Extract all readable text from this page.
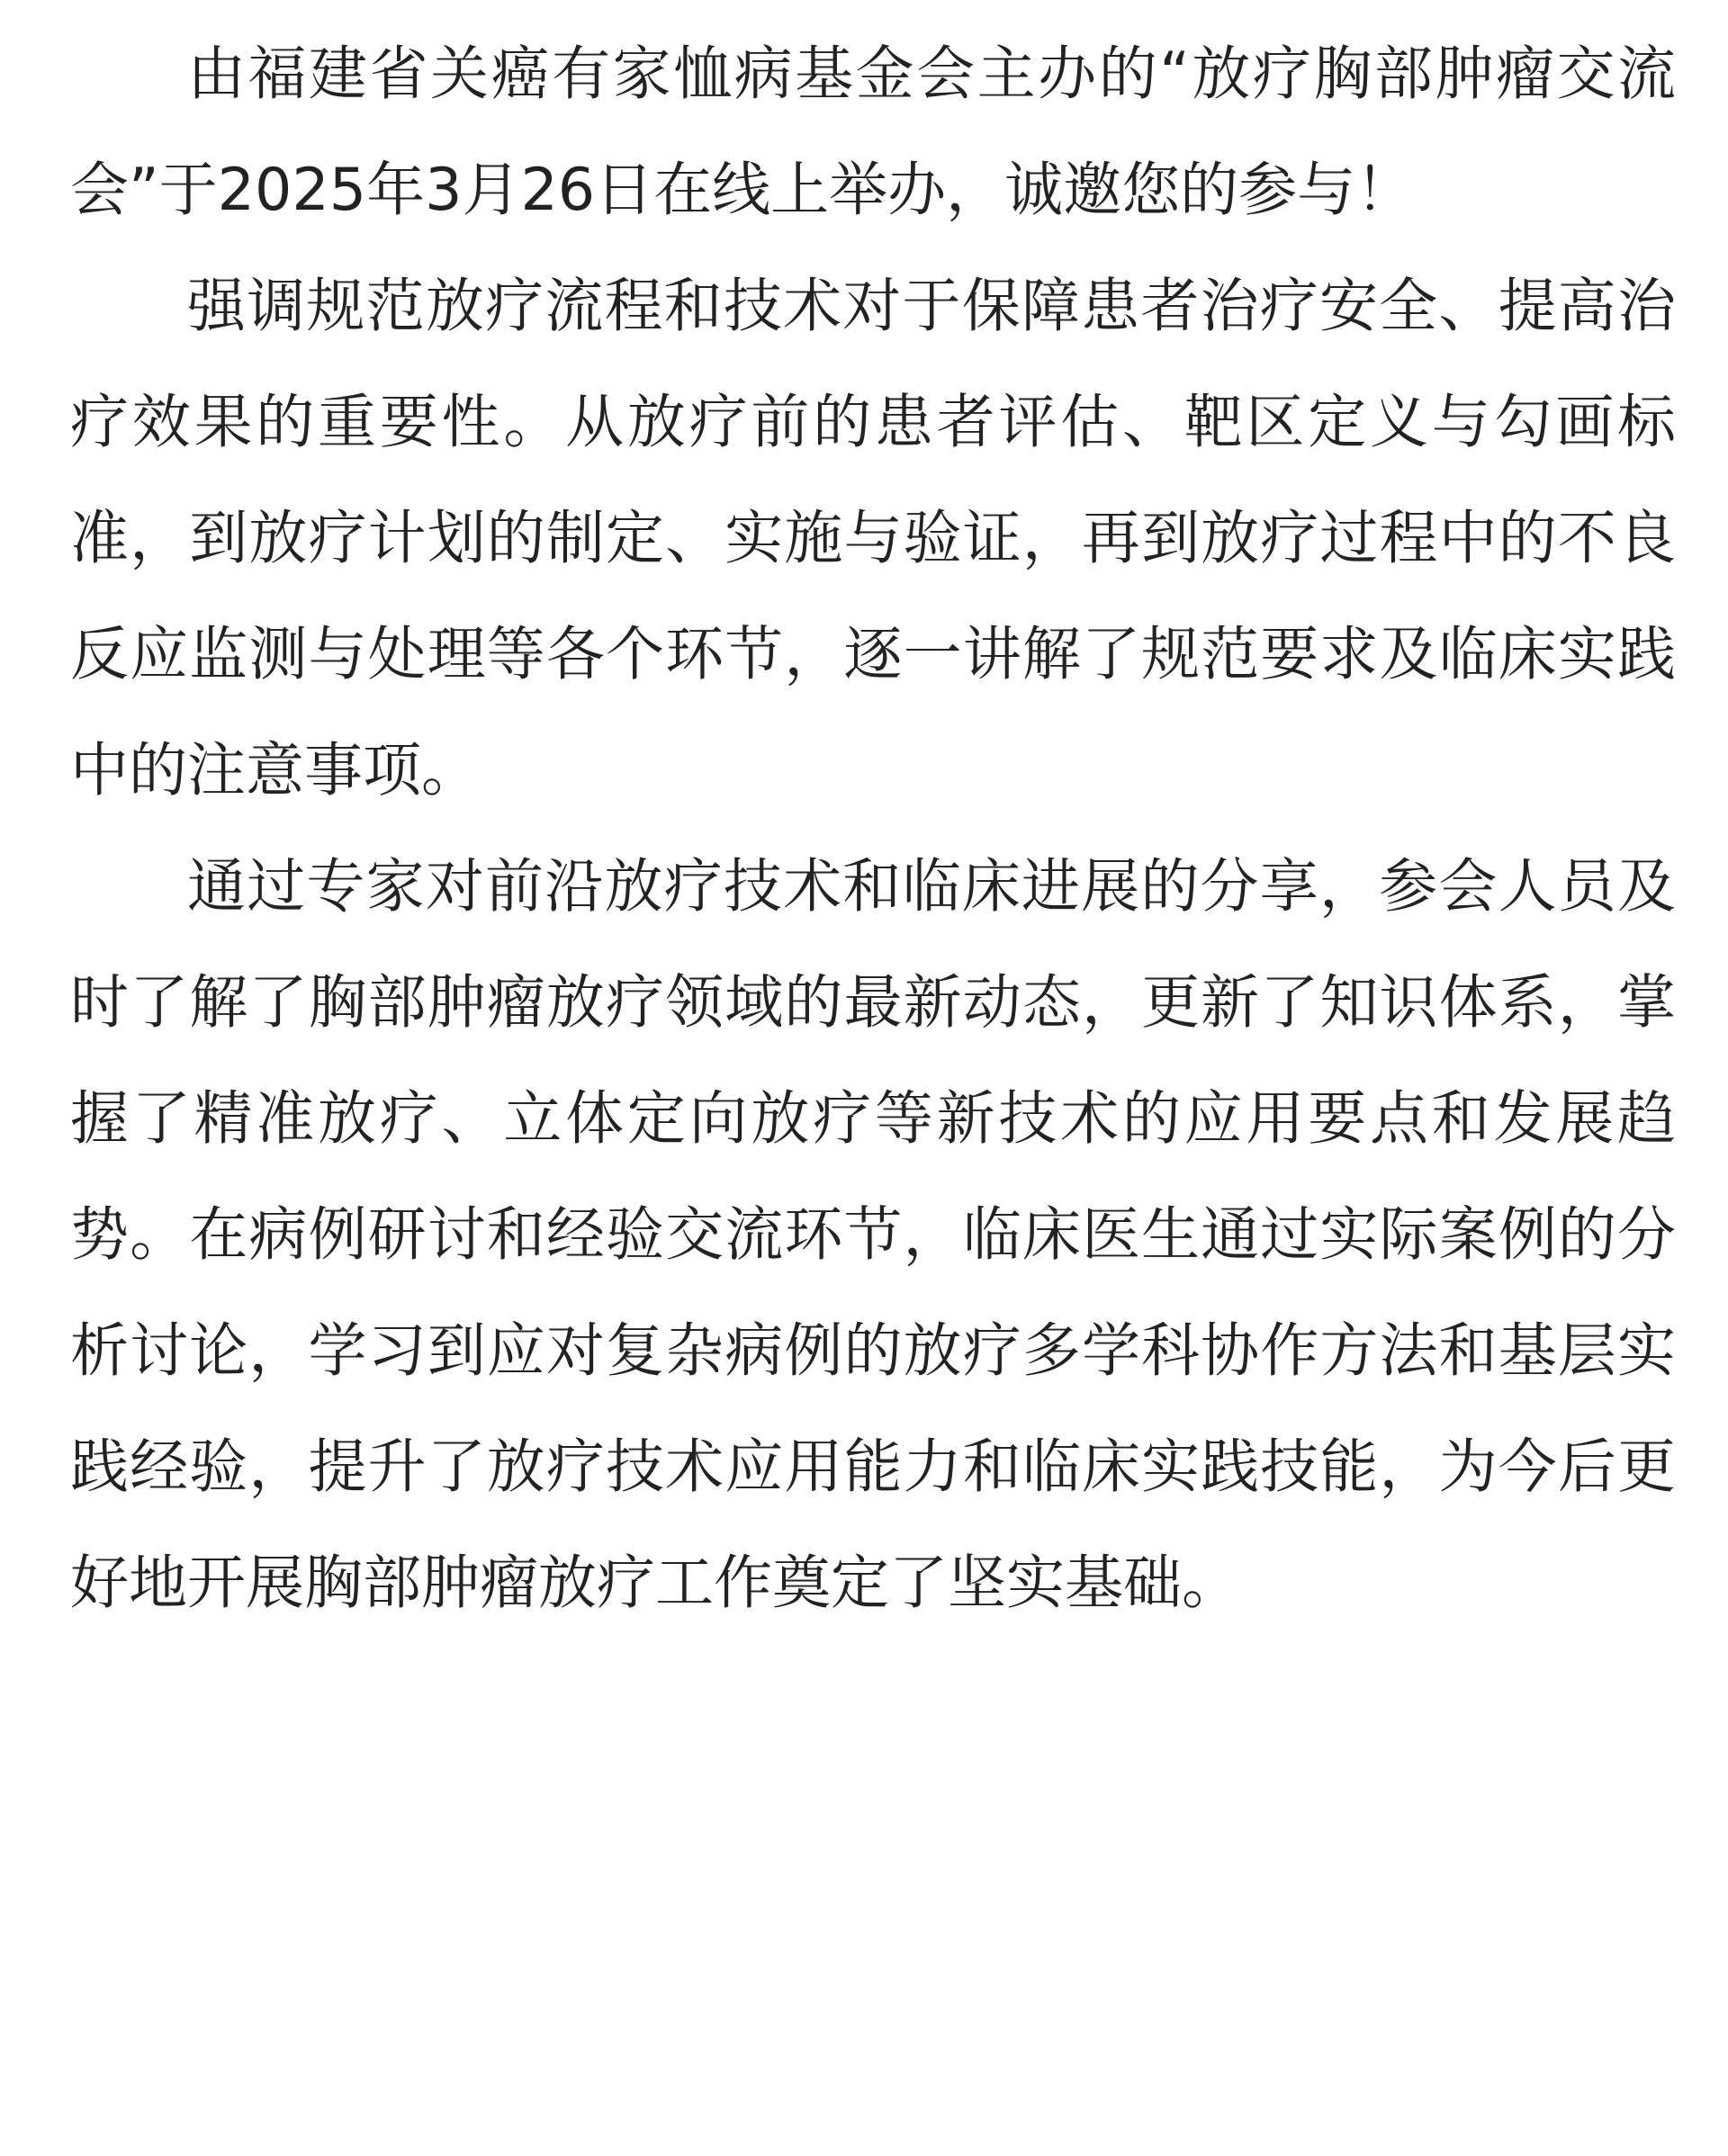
由福建省关癌有家恤病基金会主办的“放疗胸部肿瘤交流会”于2025年3月26日在线上举办，诚邀您的参与！

强调规范放疗流程和技术对于保障患者治疗安全、提高治疗效果的重要性。从放疗前的患者评估、靶区定义与勾画标准，到放疗计划的制定、实施与验证，再到放疗过程中的不良反应监测与处理等各个环节，逐一讲解了规范要求及临床实践中的注意事项。

通过专家对前沿放疗技术和临床进展的分享，参会人员及时了解了胸部肿瘤放疗领域的最新动态，更新了知识体系，掌握了精准放疗、立体定向放疗等新技术的应用要点和发展趋势。在病例研讨和经验交流环节，临床医生通过实际案例的分析讨论，学习到应对复杂病例的放疗多学科协作方法和基层实践经验，提升了放疗技术应用能力和临床实践技能，为今后更好地开展胸部肿瘤放疗工作奠定了坚实基础。
